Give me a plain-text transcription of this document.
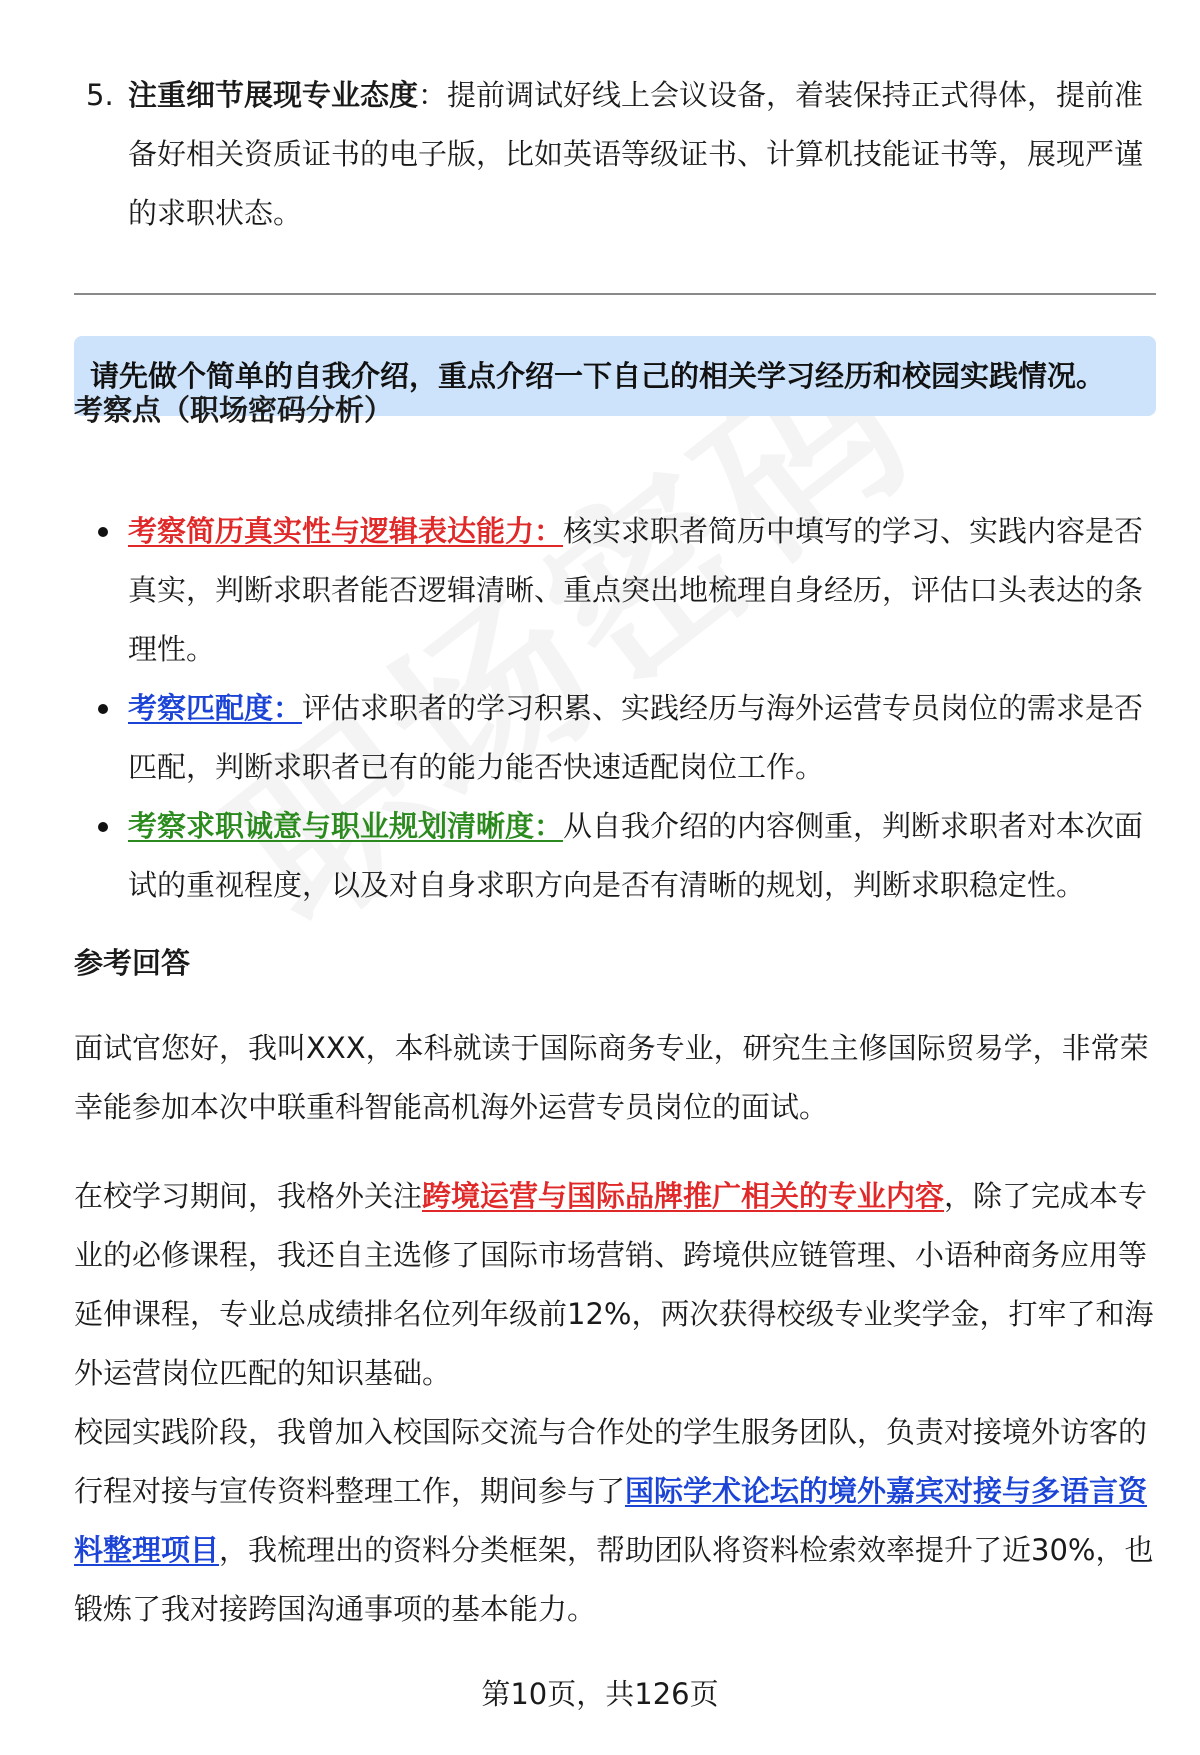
5. 注重细节展现专业态度：提前调试好线上会议设备，着装保持正式得体，提前准备好相关资质证书的电子版，比如英语等级证书、计算机技能证书等，展现严谨的求职状态。
请先做个简单的自我介绍，重点介绍一下自己的相关学习经历和校园实践情况。
考察点（职场密码分析）
考察简历真实性与逻辑表达能力：核实求职者简历中填写的学习、实践内容是否真实，判断求职者能否逻辑清晰、重点突出地梳理自身经历，评估口头表达的条理性。
考察匹配度：评估求职者的学习积累、实践经历与海外运营专员岗位的需求是否匹配，判断求职者已有的能力能否快速适配岗位工作。
考察求职诚意与职业规划清晰度：从自我介绍的内容侧重，判断求职者对本次面试的重视程度，以及对自身求职方向是否有清晰的规划，判断求职稳定性。
参考回答

面试官您好，我叫XXX，本科就读于国际商务专业，研究生主修国际贸易学，非常荣幸能参加本次中联重科智能高机海外运营专员岗位的面试。

在校学习期间，我格外关注跨境运营与国际品牌推广相关的专业内容，除了完成本专业的必修课程，我还自主选修了国际市场营销、跨境供应链管理、小语种商务应用等延伸课程，专业总成绩排名位列年级前12%，两次获得校级专业奖学金，打牢了和海外运营岗位匹配的知识基础。

校园实践阶段，我曾加入校国际交流与合作处的学生服务团队，负责对接境外访客的行程对接与宣传资料整理工作，期间参与了国际学术论坛的境外嘉宾对接与多语言资料整理项目，我梳理出的资料分类框架，帮助团队将资料检索效率提升了近30%，也锻炼了我对接跨国沟通事项的基本能力。

第10页，共126页
